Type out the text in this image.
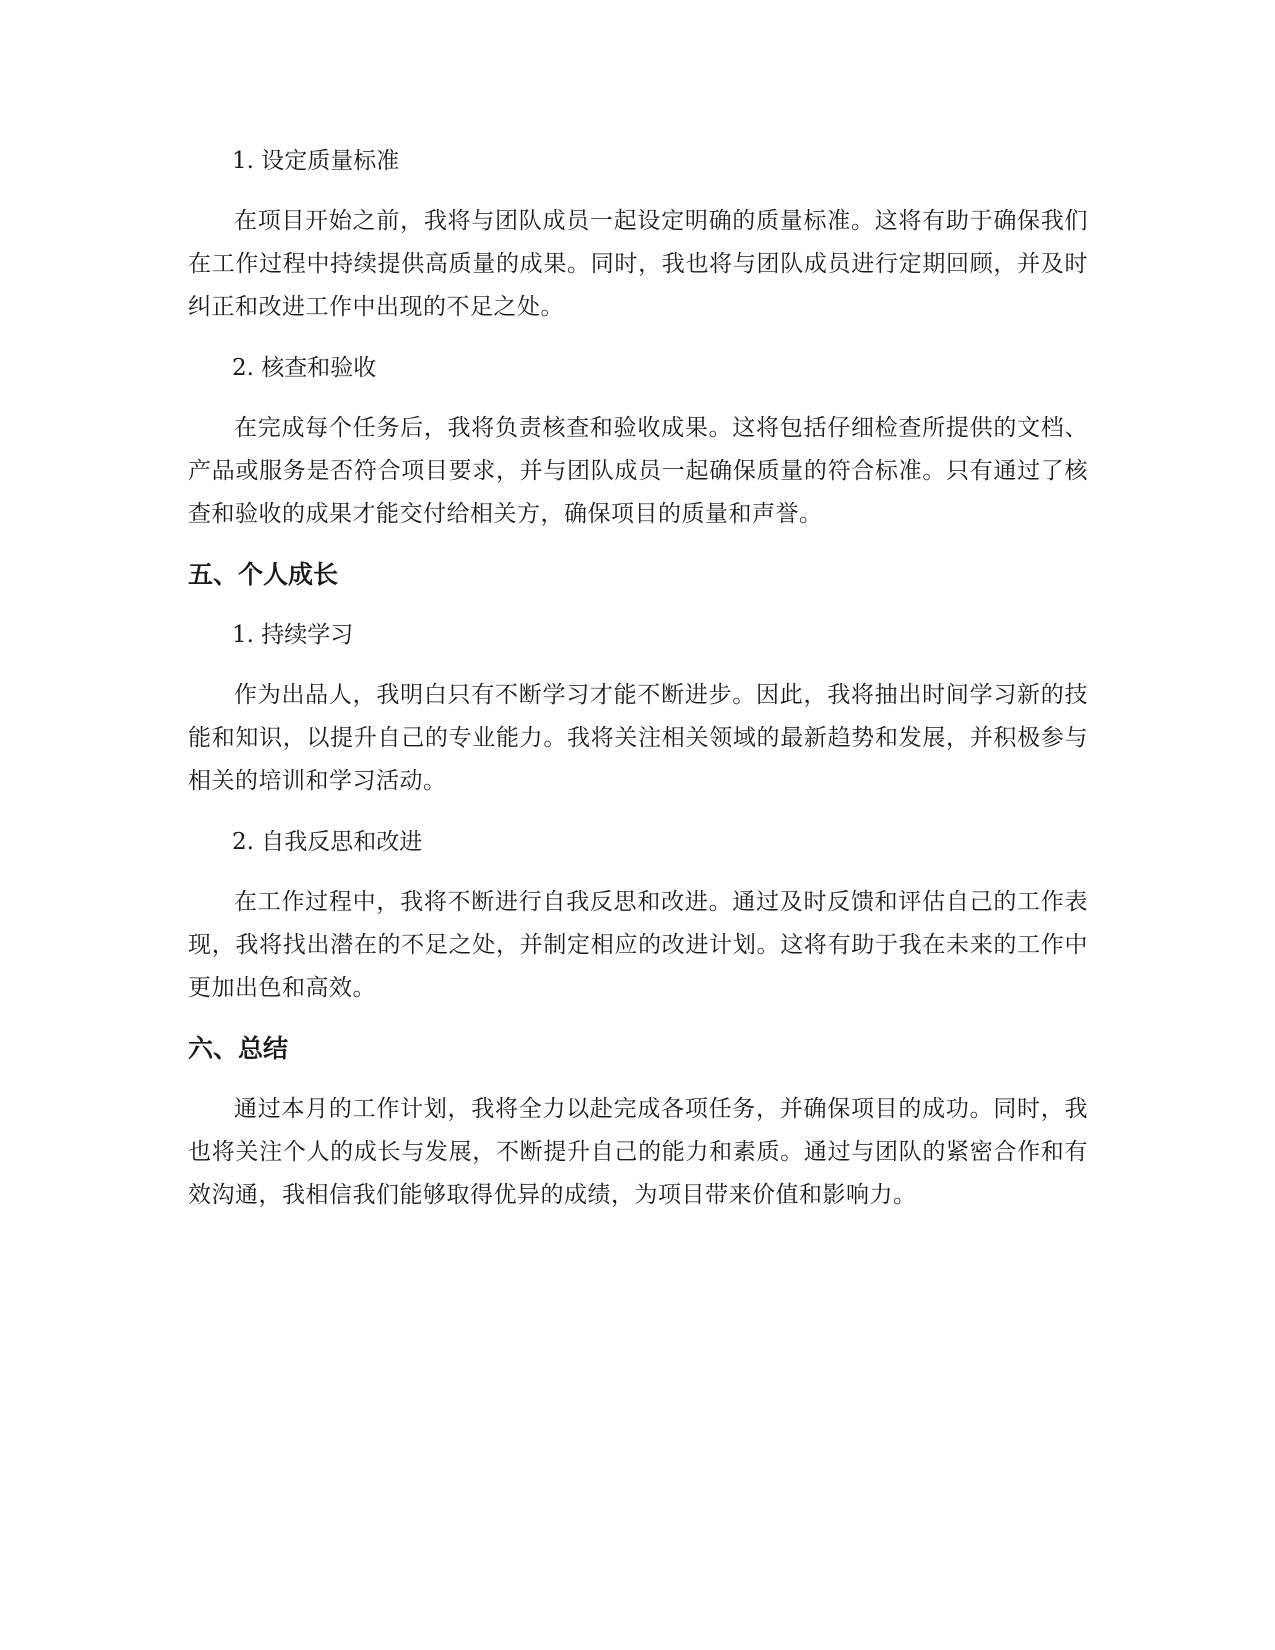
1. 设定质量标准

在项目开始之前，我将与团队成员一起设定明确的质量标准。这将有助于确保我们在工作过程中持续提供高质量的成果。同时，我也将与团队成员进行定期回顾，并及时纠正和改进工作中出现的不足之处。

2. 核查和验收

在完成每个任务后，我将负责核查和验收成果。这将包括仔细检查所提供的文档、产品或服务是否符合项目要求，并与团队成员一起确保质量的符合标准。只有通过了核查和验收的成果才能交付给相关方，确保项目的质量和声誉。

五、个人成长
1. 持续学习

作为出品人，我明白只有不断学习才能不断进步。因此，我将抽出时间学习新的技能和知识，以提升自己的专业能力。我将关注相关领域的最新趋势和发展，并积极参与相关的培训和学习活动。

2. 自我反思和改进

在工作过程中，我将不断进行自我反思和改进。通过及时反馈和评估自己的工作表现，我将找出潜在的不足之处，并制定相应的改进计划。这将有助于我在未来的工作中更加出色和高效。

六、总结

通过本月的工作计划，我将全力以赴完成各项任务，并确保项目的成功。同时，我也将关注个人的成长与发展，不断提升自己的能力和素质。通过与团队的紧密合作和有效沟通，我相信我们能够取得优异的成绩，为项目带来价值和影响力。
